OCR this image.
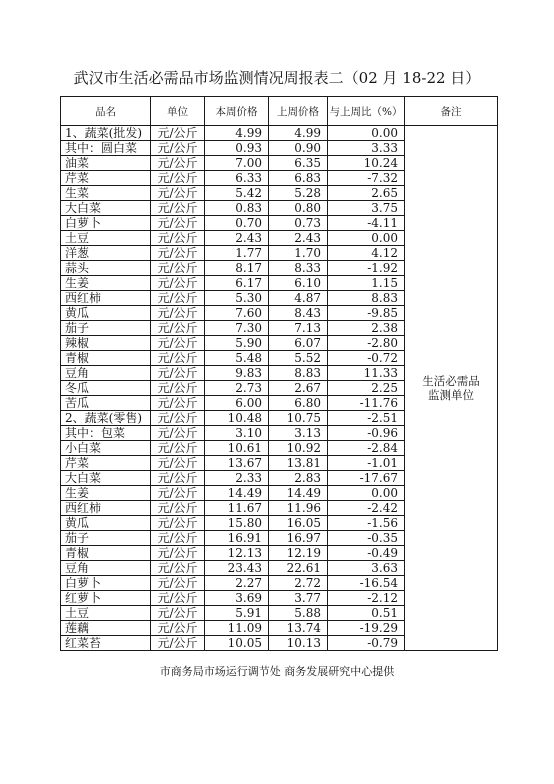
武汉市生活必需品市场监测情况周报表二（02 月 18-22 日）
品名	单位	本周价格	上周价格	与上周比（%）	备注
1、蔬菜(批发)	元/公斤	4.99	4.99	0.00	生活必需品
监测单位

其中：圆白菜	元/公斤	0.93	0.90	3.33	
油菜	元/公斤	7.00	6.35	10.24	
芹菜	元/公斤	6.33	6.83	-7.32	
生菜	元/公斤	5.42	5.28	2.65	
大白菜	元/公斤	0.83	0.80	3.75	
白萝卜	元/公斤	0.70	0.73	-4.11	
土豆	元/公斤	2.43	2.43	0.00	
洋葱	元/公斤	1.77	1.70	4.12	
蒜头	元/公斤	8.17	8.33	-1.92	
生姜	元/公斤	6.17	6.10	1.15	
西红柿	元/公斤	5.30	4.87	8.83	
黄瓜	元/公斤	7.60	8.43	-9.85	
茄子	元/公斤	7.30	7.13	2.38	
辣椒	元/公斤	5.90	6.07	-2.80	
青椒	元/公斤	5.48	5.52	-0.72	
豆角	元/公斤	9.83	8.83	11.33	
冬瓜	元/公斤	2.73	2.67	2.25	
苦瓜	元/公斤	6.00	6.80	-11.76	
2、蔬菜(零售)	元/公斤	10.48	10.75	-2.51	
其中：包菜	元/公斤	3.10	3.13	-0.96	
小白菜	元/公斤	10.61	10.92	-2.84	
芹菜	元/公斤	13.67	13.81	-1.01	
大白菜	元/公斤	2.33	2.83	-17.67	
生姜	元/公斤	14.49	14.49	0.00	
西红柿	元/公斤	11.67	11.96	-2.42	
黄瓜	元/公斤	15.80	16.05	-1.56	
茄子	元/公斤	16.91	16.97	-0.35	
青椒	元/公斤	12.13	12.19	-0.49	
豆角	元/公斤	23.43	22.61	3.63	
白萝卜	元/公斤	2.27	2.72	-16.54	
红萝卜	元/公斤	3.69	3.77	-2.12	
土豆	元/公斤	5.91	5.88	0.51	
莲藕	元/公斤	11.09	13.74	-19.29	
红菜苔	元/公斤	10.05	10.13	-0.79	
市商务局市场运行调节处 商务发展研究中心提供
